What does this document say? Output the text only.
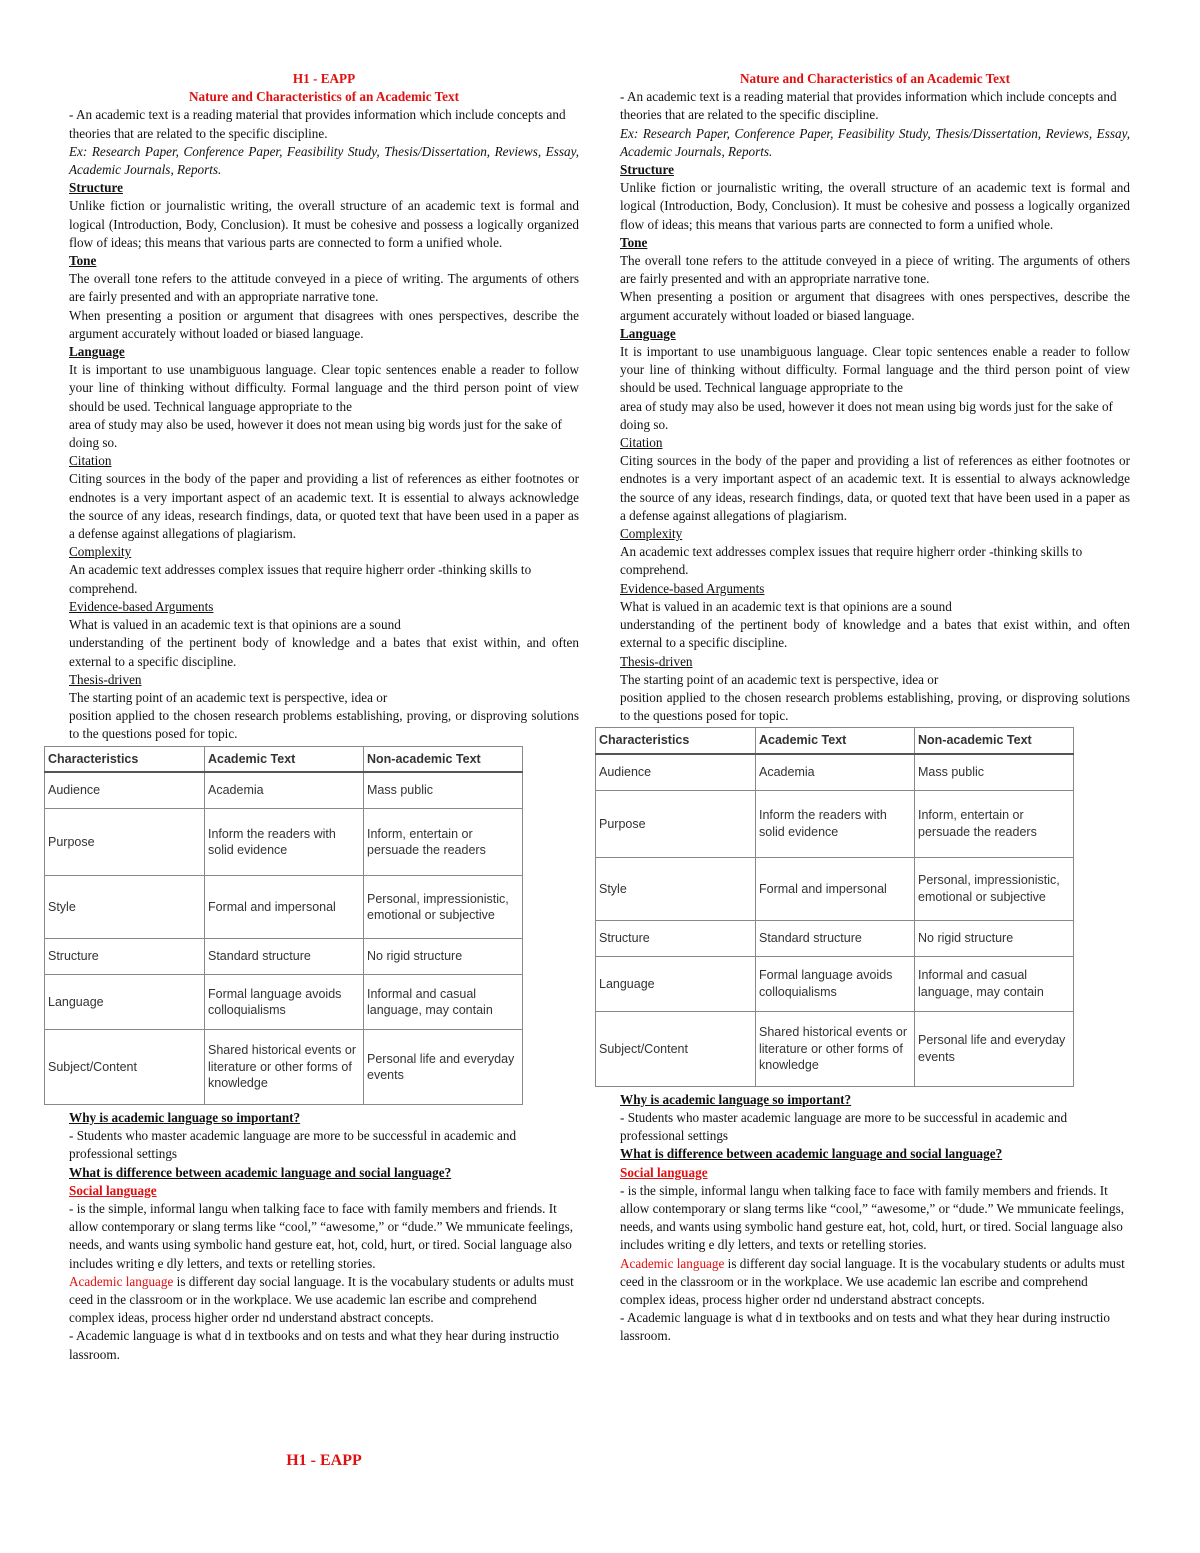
H1 - EAPP
Nature and Characteristics of an Academic Text

- An academic text is a reading material that provides information which include concepts and theories that are related to the specific discipline.

Ex: Research Paper, Conference Paper, Feasibility Study, Thesis/Dissertation, Reviews, Essay, Academic Journals, Reports.

Structure

Unlike fiction or journalistic writing, the overall structure of an academic text is formal and logical (Introduction, Body, Conclusion). It must be cohesive and possess a logically organized flow of ideas; this means that various parts are connected to form a unified whole.

Tone

The overall tone refers to the attitude conveyed in a piece of writing. The arguments of others are fairly presented and with an appropriate narrative tone.

When presenting a position or argument that disagrees with ones perspectives, describe the argument accurately without loaded or biased language.

Language

It is important to use unambiguous language. Clear topic sentences enable a reader to follow your line of thinking without difficulty. Formal language and the third person point of view should be used. Technical language appropriate to the

area of study may also be used, however it does not mean using big words just for the sake of doing so.

Citation

Citing sources in the body of the paper and providing a list of references as either footnotes or endnotes is a very important aspect of an academic text. It is essential to always acknowledge the source of any ideas, research findings, data, or quoted text that have been used in a paper as a defense against allegations of plagiarism.

Complexity

An academic text addresses complex issues that require higherr order -thinking skills to comprehend.

Evidence-based Arguments

What is valued in an academic text is that opinions are a sound

understanding of the pertinent body of knowledge and a bates that exist within, and often external to a specific discipline.

Thesis-driven

The starting point of an academic text is perspective, idea or

position applied to the chosen research problems establishing, proving, or disproving solutions to the questions posed for topic.

Characteristics	Academic Text	Non-academic Text
Audience	Academia	Mass public
Purpose	Inform the readers with solid evidence	Inform, entertain or persuade the readers
Style	Formal and impersonal	Personal, impressionistic, emotional or subjective
Structure	Standard structure	No rigid structure
Language	Formal language avoids colloquialisms	Informal and casual language, may contain
Subject/Content	Shared historical events or literature or other forms of knowledge	Personal life and everyday events
Why is academic language so important?

- Students who master academic language are more to be successful in academic and professional settings

What is difference between academic language and social language?
Social language

- is the simple, informal langu when talking face to face with family members and friends. It allow contemporary or slang terms like “cool,” “awesome,” or “dude.” We mmunicate feelings, needs, and wants using symbolic hand gesture eat, hot, cold, hurt, or tired. Social language also includes writing e dly letters, and texts or retelling stories.

Academic language is different day social language. It is the vocabulary students or adults must ceed in the classroom or in the workplace. We use academic lan escribe and comprehend complex ideas, process higher order nd understand abstract concepts.

- Academic language is what d in textbooks and on tests and what they hear during instructio lassroom.

H1 - EAPP
Nature and Characteristics of an Academic Text

- An academic text is a reading material that provides information which include concepts and theories that are related to the specific discipline.

Ex: Research Paper, Conference Paper, Feasibility Study, Thesis/Dissertation, Reviews, Essay, Academic Journals, Reports.

Structure

Unlike fiction or journalistic writing, the overall structure of an academic text is formal and logical (Introduction, Body, Conclusion). It must be cohesive and possess a logically organized flow of ideas; this means that various parts are connected to form a unified whole.

Tone

The overall tone refers to the attitude conveyed in a piece of writing. The arguments of others are fairly presented and with an appropriate narrative tone.

When presenting a position or argument that disagrees with ones perspectives, describe the argument accurately without loaded or biased language.

Language

It is important to use unambiguous language. Clear topic sentences enable a reader to follow your line of thinking without difficulty. Formal language and the third person point of view should be used. Technical language appropriate to the

area of study may also be used, however it does not mean using big words just for the sake of doing so.

Citation

Citing sources in the body of the paper and providing a list of references as either footnotes or endnotes is a very important aspect of an academic text. It is essential to always acknowledge the source of any ideas, research findings, data, or quoted text that have been used in a paper as a defense against allegations of plagiarism.

Complexity

An academic text addresses complex issues that require higherr order -thinking skills to comprehend.

Evidence-based Arguments

What is valued in an academic text is that opinions are a sound

understanding of the pertinent body of knowledge and a bates that exist within, and often external to a specific discipline.

Thesis-driven

The starting point of an academic text is perspective, idea or

position applied to the chosen research problems establishing, proving, or disproving solutions to the questions posed for topic.

Characteristics	Academic Text	Non-academic Text
Audience	Academia	Mass public
Purpose	Inform the readers with solid evidence	Inform, entertain or persuade the readers
Style	Formal and impersonal	Personal, impressionistic, emotional or subjective
Structure	Standard structure	No rigid structure
Language	Formal language avoids colloquialisms	Informal and casual language, may contain
Subject/Content	Shared historical events or literature or other forms of knowledge	Personal life and everyday events
Why is academic language so important?

- Students who master academic language are more to be successful in academic and professional settings

What is difference between academic language and social language?
Social language

- is the simple, informal langu when talking face to face with family members and friends. It allow contemporary or slang terms like “cool,” “awesome,” or “dude.” We mmunicate feelings, needs, and wants using symbolic hand gesture eat, hot, cold, hurt, or tired. Social language also includes writing e dly letters, and texts or retelling stories.

Academic language is different day social language. It is the vocabulary students or adults must ceed in the classroom or in the workplace. We use academic lan escribe and comprehend complex ideas, process higher order nd understand abstract concepts.

- Academic language is what d in textbooks and on tests and what they hear during instructio lassroom.
